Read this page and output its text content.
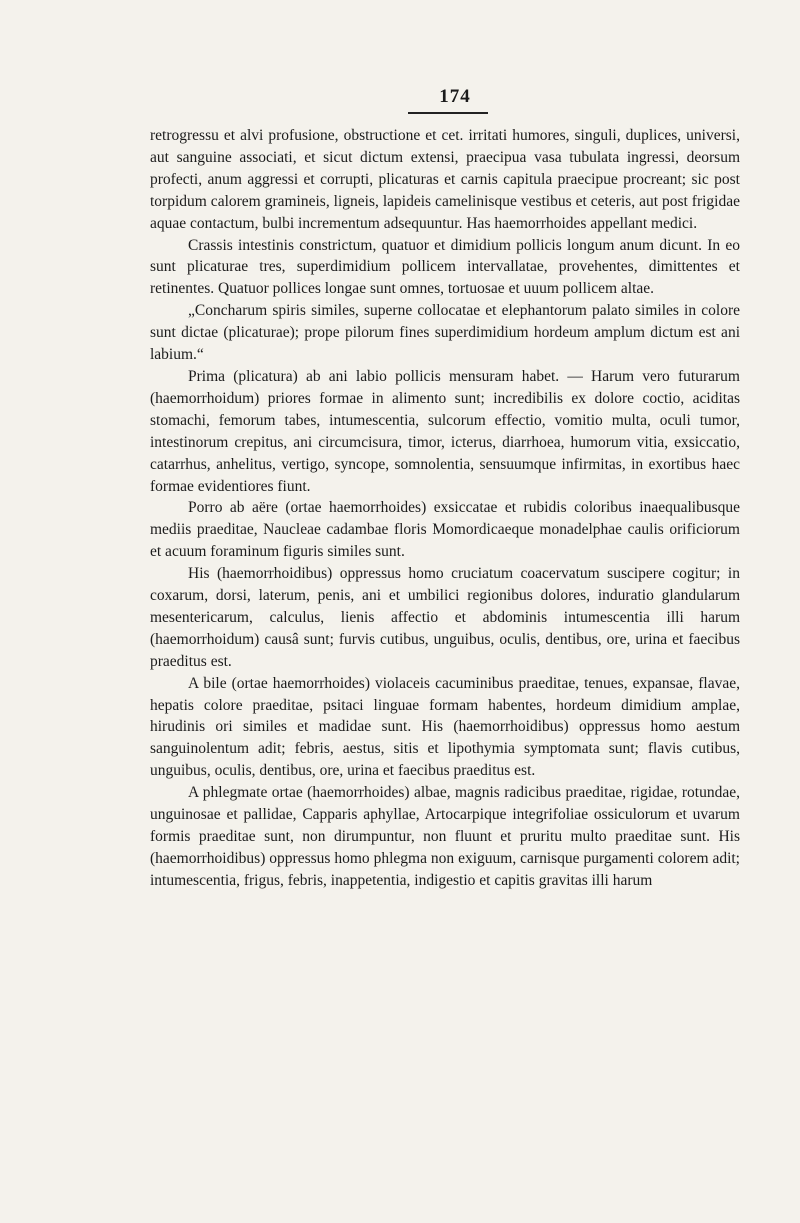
174

retrogressu et alvi profusione, obstructione et cet. irritati humores, singuli, duplices, universi, aut sanguine associati, et sicut dictum extensi, praecipua vasa tubulata ingressi, deorsum profecti, anum aggressi et corrupti, plicaturas et carnis capitula praecipue procreant; sic post torpidum calorem gramineis, ligneis, lapideis camelinisque vestibus et ceteris, aut post frigidae aquae contactum, bulbi incrementum adsequuntur. Has haemorrhoides appellant medici.

Crassis intestinis constrictum, quatuor et dimidium pollicis longum anum dicunt. In eo sunt plicaturae tres, superdimidium pollicem intervallatae, provehentes, dimittentes et retinentes. Quatuor pollices longae sunt omnes, tortuosae et uuum pollicem altae.

„Concharum spiris similes, superne collocatae et elephantorum palato similes in colore sunt dictae (plicaturae); prope pilorum fines superdimidium hordeum amplum dictum est ani labium.“

Prima (plicatura) ab ani labio pollicis mensuram habet. — Harum vero futurarum (haemorrhoidum) priores formae in alimento sunt; incredibilis ex dolore coctio, aciditas stomachi, femorum tabes, intumescentia, sulcorum effectio, vomitio multa, oculi tumor, intestinorum crepitus, ani circumcisura, timor, icterus, diarrhoea, humorum vitia, exsiccatio, catarrhus, anhelitus, vertigo, syncope, somnolentia, sensuumque infirmitas, in exortibus haec formae evidentiores fiunt.

Porro ab aëre (ortae haemorrhoides) exsiccatae et rubidis coloribus inaequalibusque mediis praeditae, Naucleae cadambae floris Momordicaeque monadelphae caulis orificiorum et acuum foraminum figuris similes sunt.

His (haemorrhoidibus) oppressus homo cruciatum coacervatum suscipere cogitur; in coxarum, dorsi, laterum, penis, ani et umbilici regionibus dolores, induratio glandularum mesentericarum, calculus, lienis affectio et abdominis intumescentia illi harum (haemorrhoidum) causâ sunt; furvis cutibus, unguibus, oculis, dentibus, ore, urina et faecibus praeditus est.

A bile (ortae haemorrhoides) violaceis cacuminibus praeditae, tenues, expansae, flavae, hepatis colore praeditae, psitaci linguae formam habentes, hordeum dimidium amplae, hirudinis ori similes et madidae sunt. His (haemorrhoidibus) oppressus homo aestum sanguinolentum adit; febris, aestus, sitis et lipothymia symptomata sunt; flavis cutibus, unguibus, oculis, dentibus, ore, urina et faecibus praeditus est.

A phlegmate ortae (haemorrhoides) albae, magnis radicibus praeditae, rigidae, rotundae, unguinosae et pallidae, Capparis aphyllae, Artocarpique integrifoliae ossiculorum et uvarum formis praeditae sunt, non dirumpuntur, non fluunt et pruritu multo praeditae sunt. His (haemorrhoidibus) oppressus homo phlegma non exiguum, carnisque purgamenti colorem adit; intumescentia, frigus, febris, inappetentia, indigestio et capitis gravitas illi harum
